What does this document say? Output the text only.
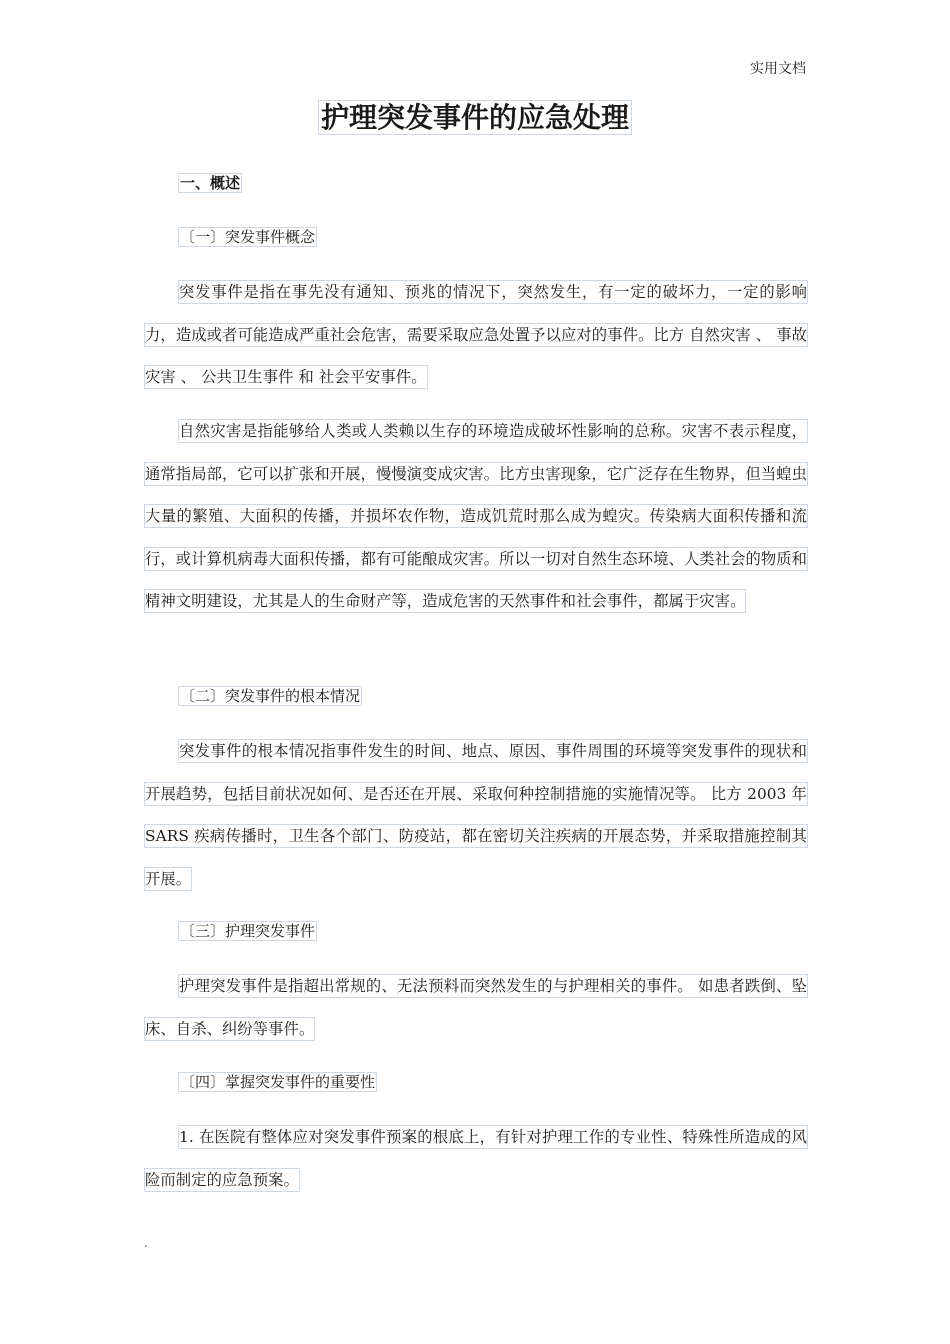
实用文档
护理突发事件的应急处理
一、概述
〔一〕突发事件概念

突发事件是指在事先没有通知、预兆的情况下，突然发生，有一定的破坏力，一定的影响力，造成或者可能造成严重社会危害，需要采取应急处置予以应对的事件。比方 自然灾害 、 事故灾害 、 公共卫生事件 和 社会平安事件。

自然灾害是指能够给人类或人类赖以生存的环境造成破坏性影响的总称。灾害不表示程度，通常指局部，它可以扩张和开展，慢慢演变成灾害。比方虫害现象，它广泛存在生物界，但当蝗虫大量的繁殖、大面积的传播，并损坏农作物，造成饥荒时那么成为蝗灾。传染病大面积传播和流行，或计算机病毒大面积传播，都有可能酿成灾害。所以一切对自然生态环境、人类社会的物质和精神文明建设，尤其是人的生命财产等，造成危害的天然事件和社会事件，都属于灾害。

〔二〕突发事件的根本情况

突发事件的根本情况指事件发生的时间、地点、原因、事件周围的环境等突发事件的现状和开展趋势，包括目前状况如何、是否还在开展、采取何种控制措施的实施情况等。 比方 2003 年 SARS 疾病传播时，卫生各个部门、防疫站，都在密切关注疾病的开展态势，并采取措施控制其开展。

〔三〕护理突发事件

护理突发事件是指超出常规的、无法预料而突然发生的与护理相关的事件。 如患者跌倒、坠床、自杀、纠纷等事件。

〔四〕掌握突发事件的重要性

1. 在医院有整体应对突发事件预案的根底上，有针对护理工作的专业性、特殊性所造成的风险而制定的应急预案。

.
